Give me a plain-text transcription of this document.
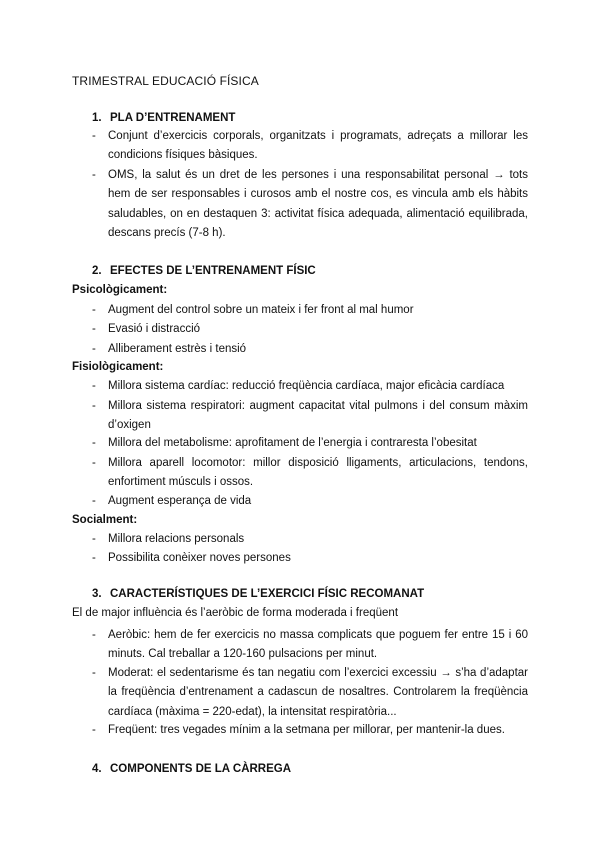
TRIMESTRAL EDUCACIÓ FÍSICA
1. PLA D’ENTRENAMENT
- Conjunt d’exercicis corporals, organitzats i programats, adreçats a millorar les condicions físiques bàsiques.
- OMS, la salut és un dret de les persones i una responsabilitat personal → tots hem de ser responsables i curosos amb el nostre cos, es vincula amb els hàbits saludables, on en destaquen 3: activitat física adequada, alimentació equilibrada, descans precís (7-8 h).
2. EFECTES DE L’ENTRENAMENT FÍSIC
Psicològicament:
- Augment del control sobre un mateix i fer front al mal humor
- Evasió i distracció
- Alliberament estrès i tensió
Fisiològicament:
- Millora sistema cardíac: reducció freqüència cardíaca, major eficàcia cardíaca
- Millora sistema respiratori: augment capacitat vital pulmons i del consum màxim d’oxigen
- Millora del metabolisme: aprofitament de l’energia i contraresta l’obesitat
- Millora aparell locomotor: millor disposició lligaments, articulacions, tendons, enfortiment músculs i ossos.
- Augment esperança de vida
Socialment:
- Millora relacions personals
- Possibilita conèixer noves persones
3. CARACTERÍSTIQUES DE L’EXERCICI FÍSIC RECOMANAT
El de major influència és l’aeròbic de forma moderada i freqüent
- Aeròbic: hem de fer exercicis no massa complicats que poguem fer entre 15 i 60 minuts. Cal treballar a 120-160 pulsacions per minut.
- Moderat: el sedentarisme és tan negatiu com l’exercici excessiu → s’ha d’adaptar la freqüència d’entrenament a cadascun de nosaltres. Controlarem la freqüència cardíaca (màxima = 220-edat), la intensitat respiratòria...
- Freqüent: tres vegades mínim a la setmana per millorar, per mantenir-la dues.
4. COMPONENTS DE LA CÀRREGA
